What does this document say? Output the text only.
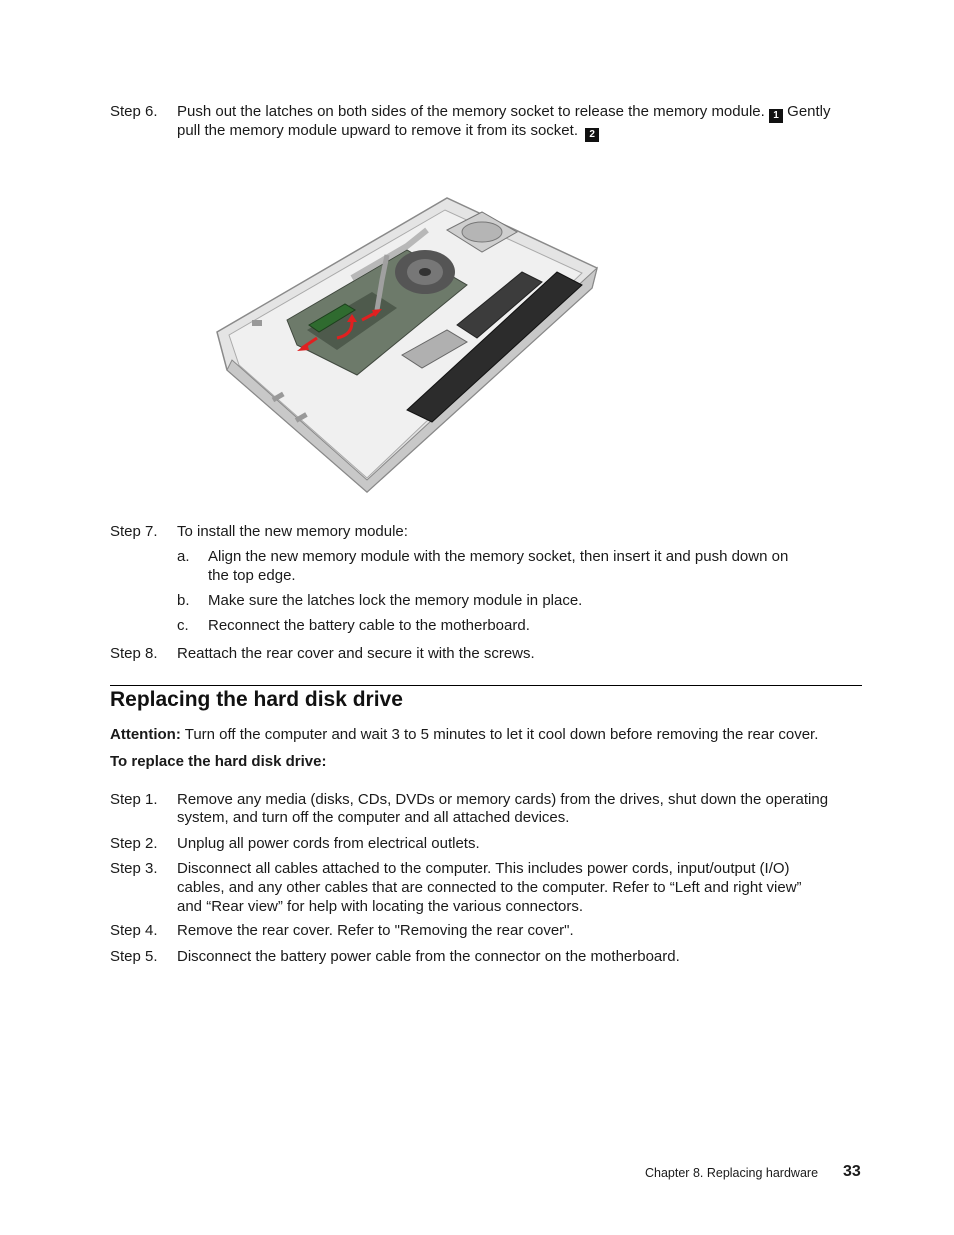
Step 6. Push out the latches on both sides of the memory socket to release the memory module. 1 Gently
pull the memory module upward to remove it from its socket. 2
Step 7. To install the new memory module:
a. Align the new memory module with the memory socket, then insert it and push down on
the top edge.
b. Make sure the latches lock the memory module in place.
c. Reconnect the battery cable to the motherboard.
Step 8. Reattach the rear cover and secure it with the screws.
Replacing the hard disk drive
Attention: Turn off the computer and wait 3 to 5 minutes to let it cool down before removing the rear cover.
To replace the hard disk drive:
Step 1. Remove any media (disks, CDs, DVDs or memory cards) from the drives, shut down the operating
system, and turn off the computer and all attached devices.
Step 2. Unplug all power cords from electrical outlets.
Step 3. Disconnect all cables attached to the computer. This includes power cords, input/output (I/O)
cables, and any other cables that are connected to the computer. Refer to “Left and right view”
and “Rear view” for help with locating the various connectors.
Step 4. Remove the rear cover. Refer to "Removing the rear cover".
Step 5. Disconnect the battery power cable from the connector on the motherboard.
Chapter 8. Replacing hardware 33
